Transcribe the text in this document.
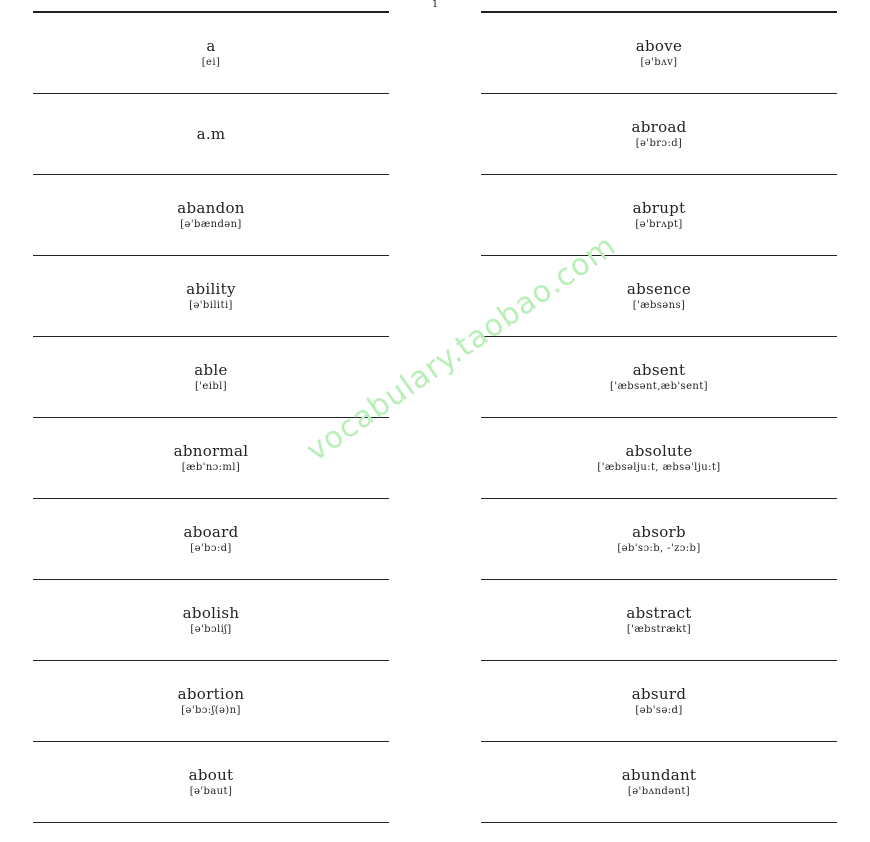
1
a
[ei]
a.m
abandon
[ə'bændən]
ability
[ə'biliti]
able
['eibl]
abnormal
[æb'nɔ:ml]
aboard
[ə'bɔ:d]
abolish
[ə'bɔliʃ]
abortion
[ə'bɔ:ʃ(ə)n]
about
[ə'baut]
above
[ə'bʌv]
abroad
[ə'brɔ:d]
abrupt
[ə'brʌpt]
absence
['æbsəns]
absent
['æbsənt,æb'sent]
absolute
['æbsəlju:t, æbsə'lju:t]
absorb
[əb'sɔ:b, -'zɔ:b]
abstract
['æbstrækt]
absurd
[əb'sə:d]
abundant
[ə'bʌndənt]
vocabulary.taobao.com
